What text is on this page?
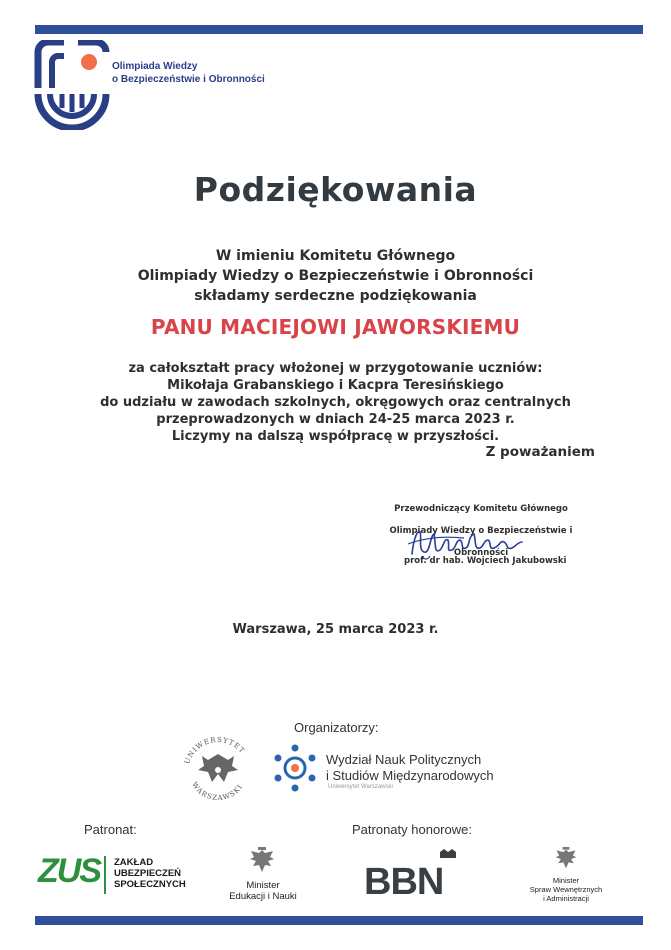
Olimpiada Wiedzy
o Bezpieczeństwie i Obronności
Podziękowania
W imieniu Komitetu Głównego
Olimpiady Wiedzy o Bezpieczeństwie i Obronności
składamy serdeczne podziękowania
PANU MACIEJOWI JAWORSKIEMU
za całokształt pracy włożonej w przygotowanie uczniów:
Mikołaja Grabanskiego i Kacpra Teresińskiego
do udziału w zawodach szkolnych, okręgowych oraz centralnych
przeprowadzonych w dniach 24-25 marca 2023 r.
Liczymy na dalszą współpracę w przyszłości.
Z poważaniem
Przewodniczący Komitetu Głównego
Olimpiady Wiedzy o Bezpieczeństwie i Obronności
prof. dr hab. Wojciech Jakubowski
Warszawa, 25 marca 2023 r.
Organizatorzy:
UNIWERSYTET
WARSZAWSKI
Wydział Nauk Politycznych
i Studiów Międzynarodowych
Uniwersytet Warszawski
Patronat:	Patronaty honorowe:
ZUS ZAKŁAD
UBEZPIECZEŃ
SPOŁECZNYCH	Minister
Edukacji i Nauki BBN	Minister
Spraw Wewnętrznych
i Administracji
